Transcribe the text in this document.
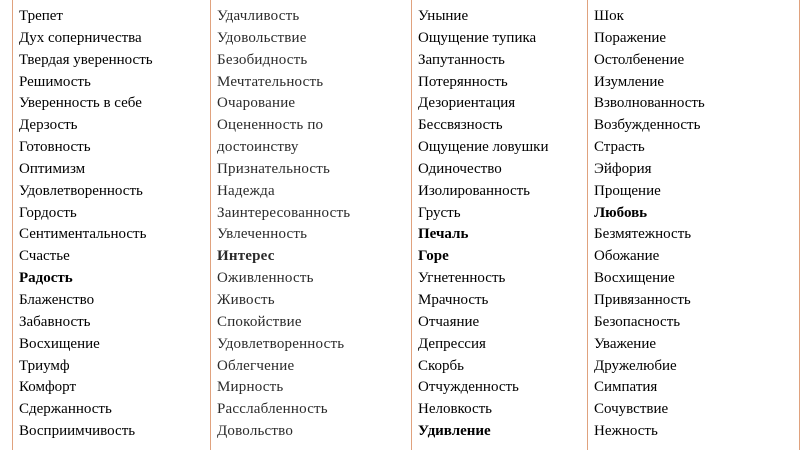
Трепет
Дух соперничества
Твердая уверенность
Решимость
Уверенность в себе
Дерзость
Готовность
Оптимизм
Удовлетворенность
Гордость
Сентиментальность
Счастье
Радость
Блаженство
Забавность
Восхищение
Триумф
Комфорт
Сдержанность
Восприимчивость
Удачливость
Удовольствие
Безобидность
Мечтательность
Очарование
Оцененность по
достоинству
Признательность
Надежда
Заинтересованность
Увлеченность
Интерес
Оживленность
Живость
Спокойствие
Удовлетворенность
Облегчение
Мирность
Расслабленность
Довольство
Уныние
Ощущение тупика
Запутанность
Потерянность
Дезориентация
Бессвязность
Ощущение ловушки
Одиночество
Изолированность
Грусть
Печаль
Горе
Угнетенность
Мрачность
Отчаяние
Депрессия
Скорбь
Отчужденность
Неловкость
Удивление
Шок
Поражение
Остолбенение
Изумление
Взволнованность
Возбужденность
Страсть
Эйфория
Прощение
Любовь
Безмятежность
Обожание
Восхищение
Привязанность
Безопасность
Уважение
Дружелюбие
Симпатия
Сочувствие
Нежность
